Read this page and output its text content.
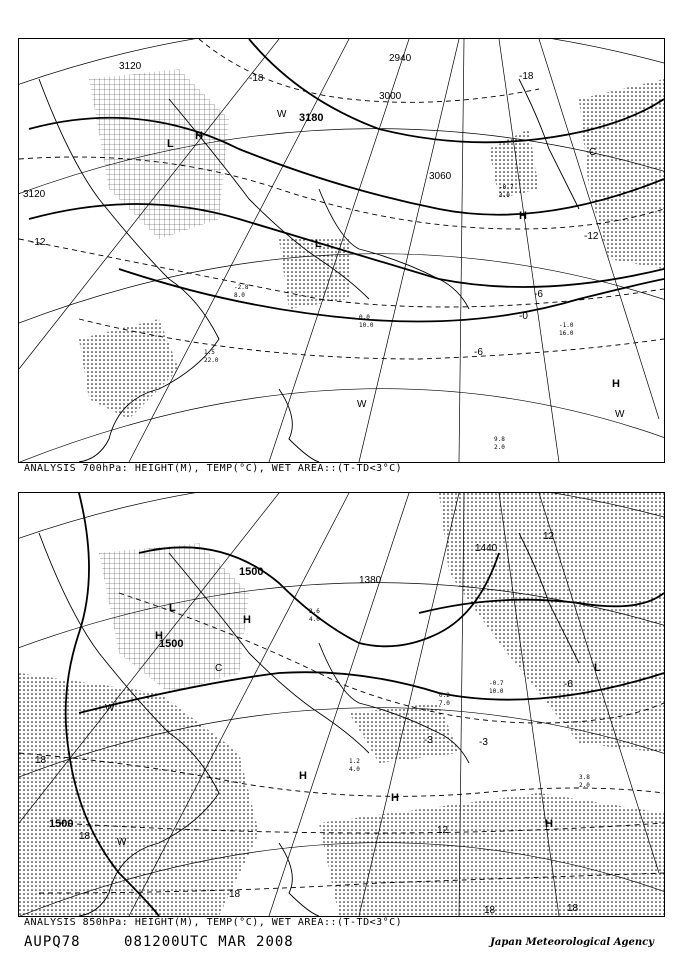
3120
3180
3120
3060
3000
2940
-12
-18
-18
-6
-6
-0
-12
L
H
H
H
W
W
W
L
C
-2.8
8.0
1.5
22.0
0.0
10.0
-0.7
3.0
9.8
2.0
-1.0
16.0
ANALYSIS 700hPa: HEIGHT(M), TEMP(°C), WET AREA::(T-TD<3°C)
1500
1500
1500
1440
1380
18
18
18
12
-3
-3
-6
12
18	18
L
H
H
H
H
H
W
W
L
C
2.6
4.0
0.2
7.0
1.2
4.0
-0.7
10.0
3.8
2.0
ANALYSIS 850hPa: HEIGHT(M), TEMP(°C), WET AREA::(T-TD<3°C)
AUPQ78	081200UTC MAR 2008	Japan Meteorological Agency
